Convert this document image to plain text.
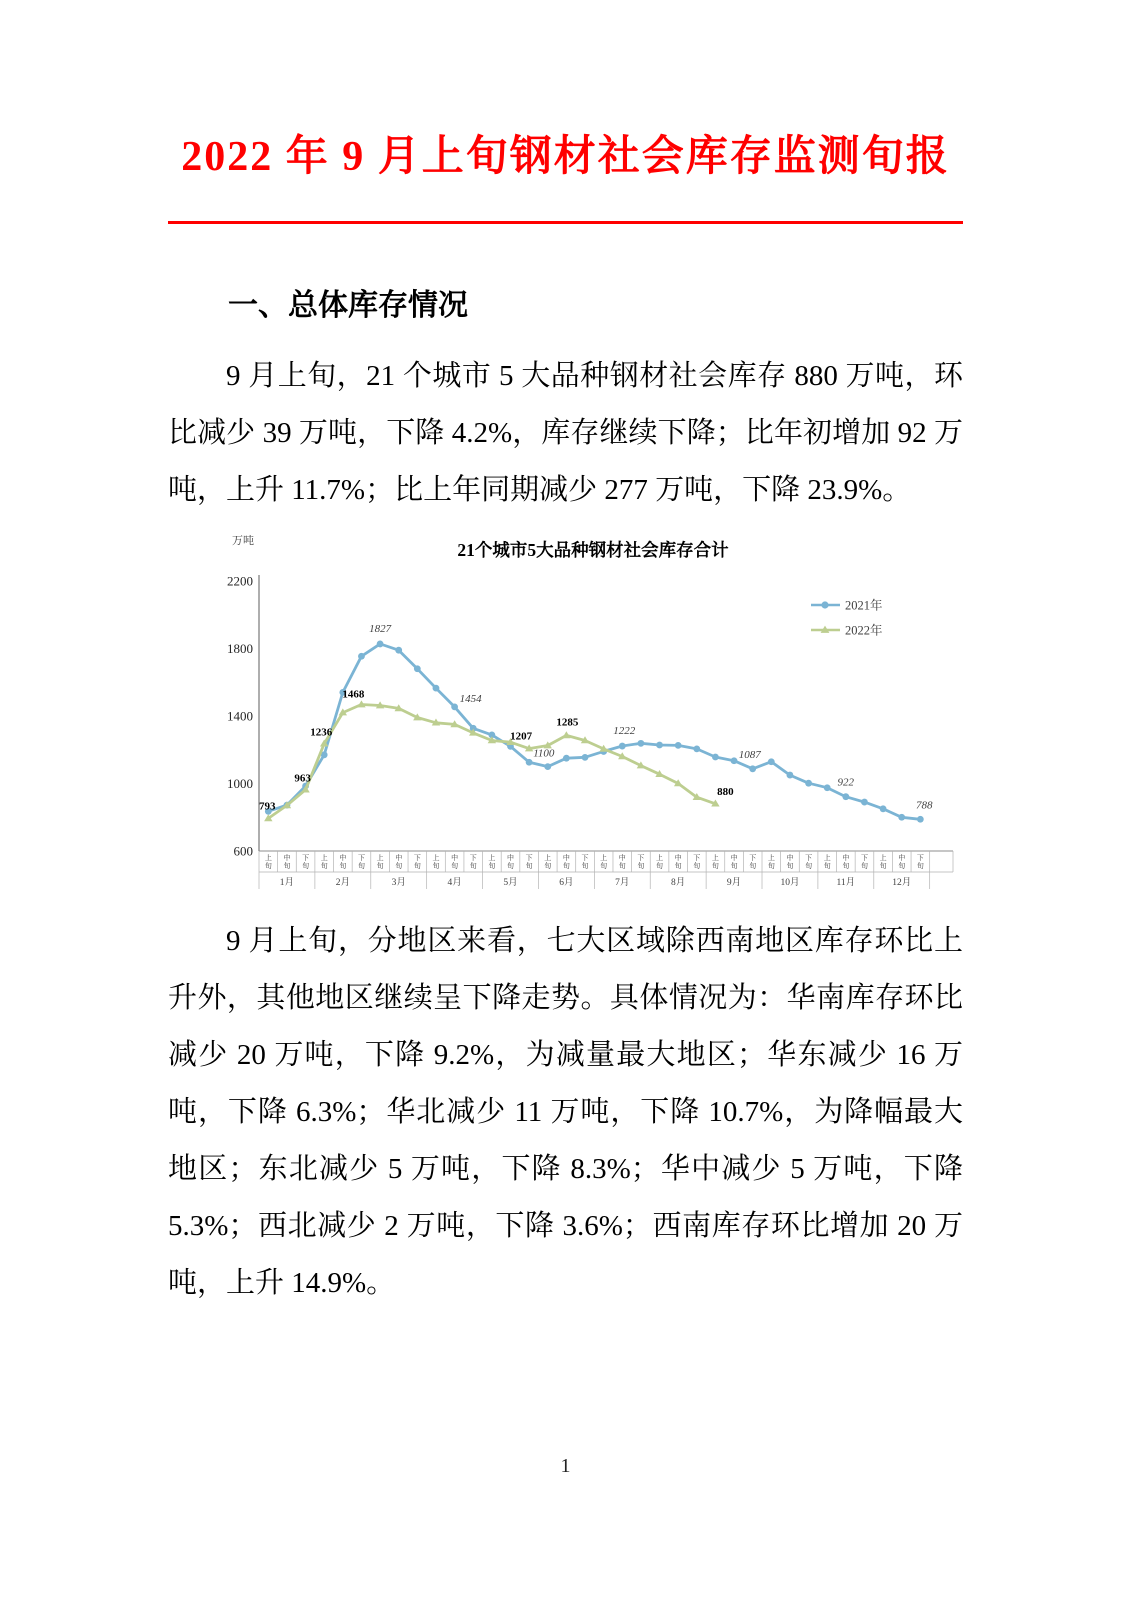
2022 年 9 月上旬钢材社会库存监测旬报
一、总体库存情况

9 月上旬，21 个城市 5 大品种钢材社会库存 880 万吨，环比减少 39 万吨，下降 4.2%，库存继续下降；比年初增加 92 万吨，上升 11.7%；比上年同期减少 277 万吨，下降 23.9%。

21个城市5大品种钢材社会库存合计
万吨
600
1000
1400
1800
2200
上旬
中旬
下旬
上旬
中旬
下旬
上旬
中旬
下旬
上旬
中旬
下旬
上旬
中旬
下旬
上旬
中旬
下旬
上旬
中旬
下旬
上旬
中旬
下旬
上旬
中旬
下旬
上旬
中旬
下旬
上旬
中旬
下旬
上旬
中旬
下旬
1月	2月	3月	4月	5月	6月	7月	8月	9月	10月	11月	12月
1827
1454
1100
1222
1087
922
788
793
963
1236
1468
1207
1285
880
2021年
2022年

9 月上旬，分地区来看，七大区域除西南地区库存环比上升外，其他地区继续呈下降走势。具体情况为：华南库存环比减少 20 万吨，下降 9.2%，为减量最大地区；华东减少 16 万吨，下降 6.3%；华北减少 11 万吨，下降 10.7%，为降幅最大地区；东北减少 5 万吨，下降 8.3%；华中减少 5 万吨，下降 5.3%；西北减少 2 万吨，下降 3.6%；西南库存环比增加 20 万吨，上升 14.9%。

1
